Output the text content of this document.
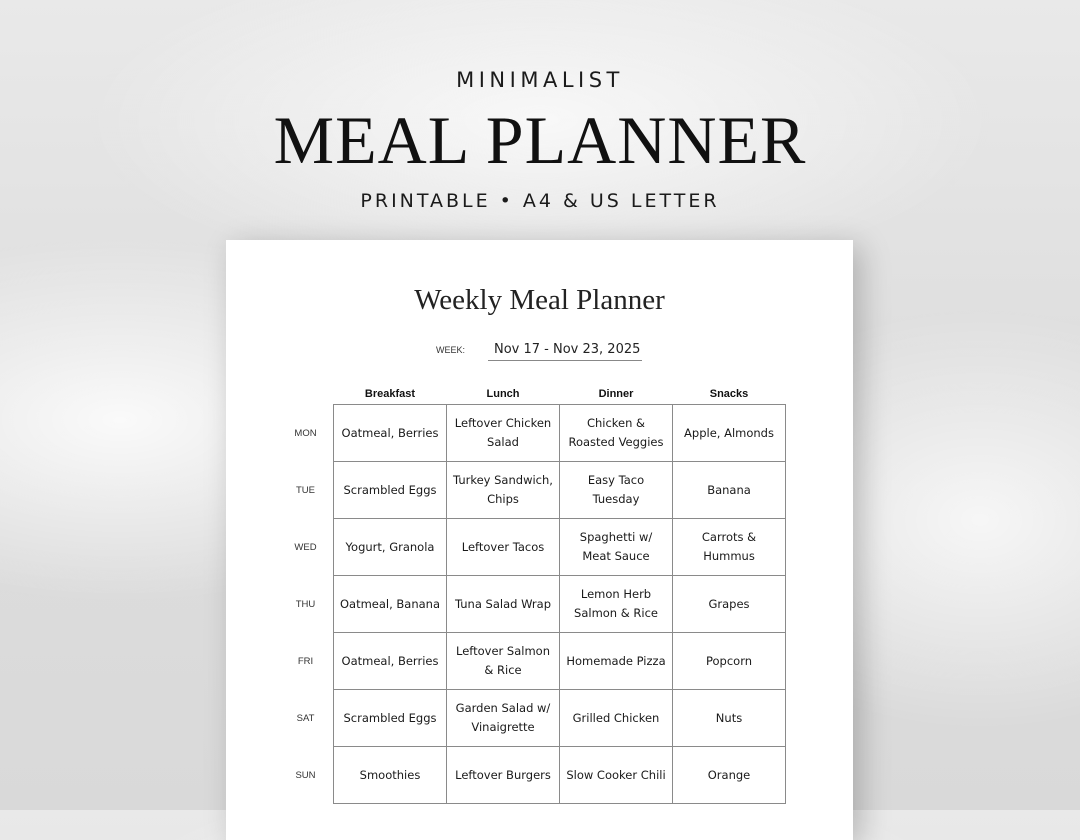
MINIMALIST
MEAL PLANNER
PRINTABLE • A4 & US LETTER
Weekly Meal Planner
WEEK: Nov 17 - Nov 23, 2025
	Breakfast	Lunch	Dinner	Snacks
MON	Oatmeal, Berries	Leftover Chicken Salad	Chicken & Roasted Veggies	Apple, Almonds
TUE	Scrambled Eggs	Turkey Sandwich, Chips	Easy Taco Tuesday	Banana
WED	Yogurt, Granola	Leftover Tacos	Spaghetti w/ Meat Sauce	Carrots & Hummus
THU	Oatmeal, Banana	Tuna Salad Wrap	Lemon Herb Salmon & Rice	Grapes
FRI	Oatmeal, Berries	Leftover Salmon & Rice	Homemade Pizza	Popcorn
SAT	Scrambled Eggs	Garden Salad w/ Vinaigrette	Grilled Chicken	Nuts
SUN	Smoothies	Leftover Burgers	Slow Cooker Chili	Orange
